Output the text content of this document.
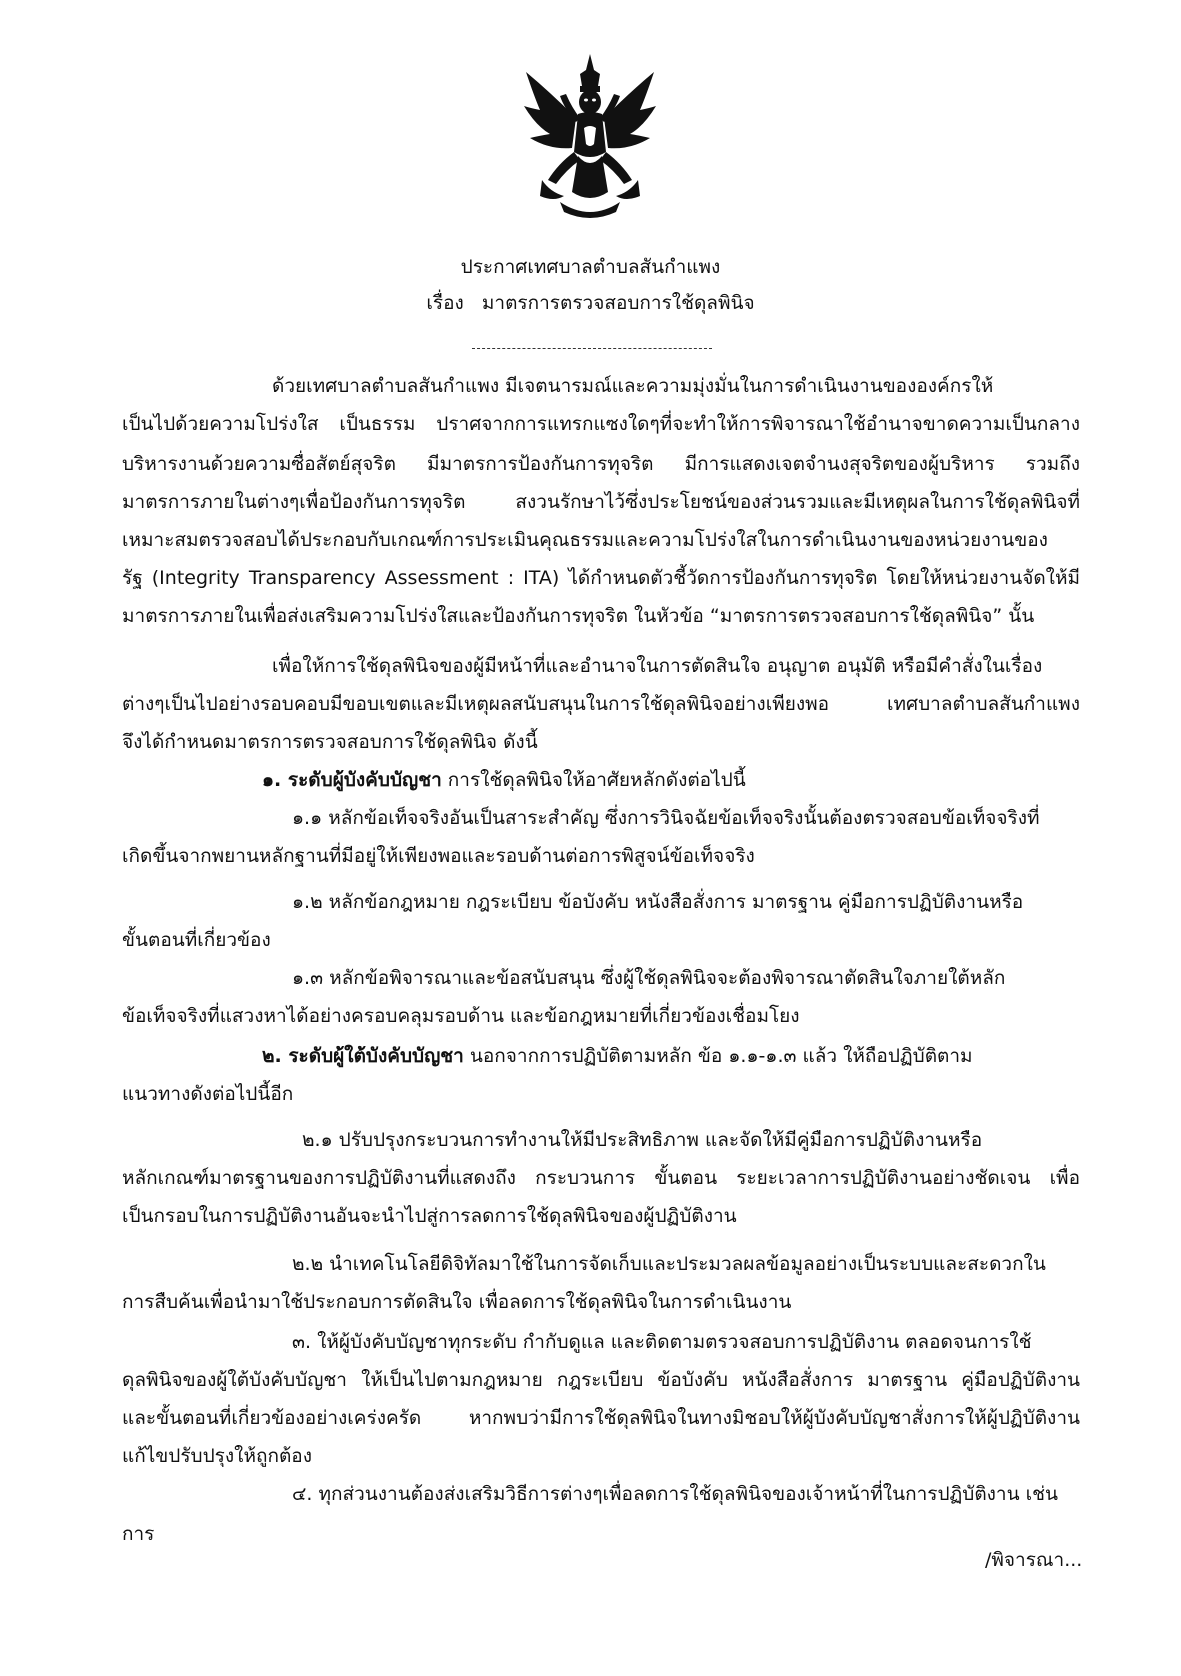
ประกาศเทศบาลตำบลสันกำแพง
เรื่อง มาตรการตรวจสอบการใช้ดุลพินิจ
ด้วยเทศบาลตำบลสันกำแพง มีเจตนารมณ์และความมุ่งมั่นในการดำเนินงานขององค์กรให้
เป็นไปด้วยความโปร่งใส เป็นธรรม ปราศจากการแทรกแซงใดๆที่จะทำให้การพิจารณาใช้อำนาจขาดความเป็นกลาง
บริหารงานด้วยความซื่อสัตย์สุจริต มีมาตรการป้องกันการทุจริต มีการแสดงเจตจำนงสุจริตของผู้บริหาร รวมถึง
มาตรการภายในต่างๆเพื่อป้องกันการทุจริต สงวนรักษาไว้ซึ่งประโยชน์ของส่วนรวมและมีเหตุผลในการใช้ดุลพินิจที่
เหมาะสมตรวจสอบได้ประกอบกับเกณฑ์การประเมินคุณธรรมและความโปร่งใสในการดำเนินงานของหน่วยงานของ
รัฐ (Integrity Transparency Assessment : ITA) ได้กำหนดตัวชี้วัดการป้องกันการทุจริต โดยให้หน่วยงานจัดให้มี
มาตรการภายในเพื่อส่งเสริมความโปร่งใสและป้องกันการทุจริต ในหัวข้อ “มาตรการตรวจสอบการใช้ดุลพินิจ” นั้น
เพื่อให้การใช้ดุลพินิจของผู้มีหน้าที่และอำนาจในการตัดสินใจ อนุญาต อนุมัติ หรือมีคำสั่งในเรื่อง
ต่างๆเป็นไปอย่างรอบคอบมีขอบเขตและมีเหตุผลสนับสนุนในการใช้ดุลพินิจอย่างเพียงพอ เทศบาลตำบลสันกำแพง
จึงได้กำหนดมาตรการตรวจสอบการใช้ดุลพินิจ ดังนี้
๑. ระดับผู้บังคับบัญชา การใช้ดุลพินิจให้อาศัยหลักดังต่อไปนี้
๑.๑ หลักข้อเท็จจริงอันเป็นสาระสำคัญ ซึ่งการวินิจฉัยข้อเท็จจริงนั้นต้องตรวจสอบข้อเท็จจริงที่
เกิดขึ้นจากพยานหลักฐานที่มีอยู่ให้เพียงพอและรอบด้านต่อการพิสูจน์ข้อเท็จจริง
๑.๒ หลักข้อกฎหมาย กฎระเบียบ ข้อบังคับ หนังสือสั่งการ มาตรฐาน คู่มือการปฏิบัติงานหรือ
ขั้นตอนที่เกี่ยวข้อง
๑.๓ หลักข้อพิจารณาและข้อสนับสนุน ซึ่งผู้ใช้ดุลพินิจจะต้องพิจารณาตัดสินใจภายใต้หลัก
ข้อเท็จจริงที่แสวงหาได้อย่างครอบคลุมรอบด้าน และข้อกฎหมายที่เกี่ยวข้องเชื่อมโยง
๒. ระดับผู้ใต้บังคับบัญชา นอกจากการปฏิบัติตามหลัก ข้อ ๑.๑-๑.๓ แล้ว ให้ถือปฏิบัติตาม
แนวทางดังต่อไปนี้อีก
๒.๑ ปรับปรุงกระบวนการทำงานให้มีประสิทธิภาพ และจัดให้มีคู่มือการปฏิบัติงานหรือ
หลักเกณฑ์มาตรฐานของการปฏิบัติงานที่แสดงถึง กระบวนการ ขั้นตอน ระยะเวลาการปฏิบัติงานอย่างชัดเจน เพื่อ
เป็นกรอบในการปฏิบัติงานอันจะนำไปสู่การลดการใช้ดุลพินิจของผู้ปฏิบัติงาน
๒.๒ นำเทคโนโลยีดิจิทัลมาใช้ในการจัดเก็บและประมวลผลข้อมูลอย่างเป็นระบบและสะดวกใน
การสืบค้นเพื่อนำมาใช้ประกอบการตัดสินใจ เพื่อลดการใช้ดุลพินิจในการดำเนินงาน
๓. ให้ผู้บังคับบัญชาทุกระดับ กำกับดูแล และติดตามตรวจสอบการปฏิบัติงาน ตลอดจนการใช้
ดุลพินิจของผู้ใต้บังคับบัญชา ให้เป็นไปตามกฎหมาย กฎระเบียบ ข้อบังคับ หนังสือสั่งการ มาตรฐาน คู่มือปฏิบัติงาน
และขั้นตอนที่เกี่ยวข้องอย่างเคร่งครัด หากพบว่ามีการใช้ดุลพินิจในทางมิชอบให้ผู้บังคับบัญชาสั่งการให้ผู้ปฏิบัติงาน
แก้ไขปรับปรุงให้ถูกต้อง
๔. ทุกส่วนงานต้องส่งเสริมวิธีการต่างๆเพื่อลดการใช้ดุลพินิจของเจ้าหน้าที่ในการปฏิบัติงาน เช่น
การ
/พิจารณา...
